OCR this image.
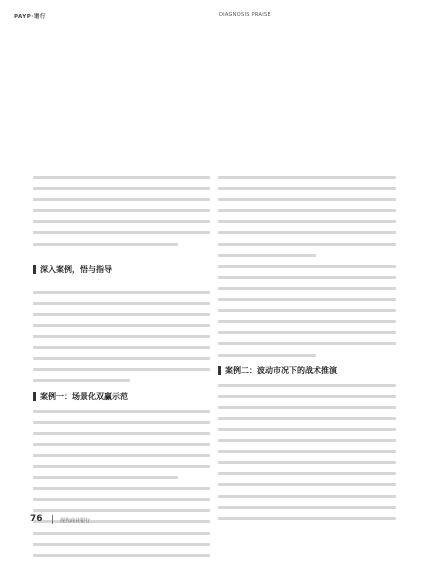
PAYP·谱行	DIAGNOSIS PRAISE
深入案例，悟与指导
案例一：场景化双赢示范
案例二：波动市况下的战术推演
76	现代商业银行
